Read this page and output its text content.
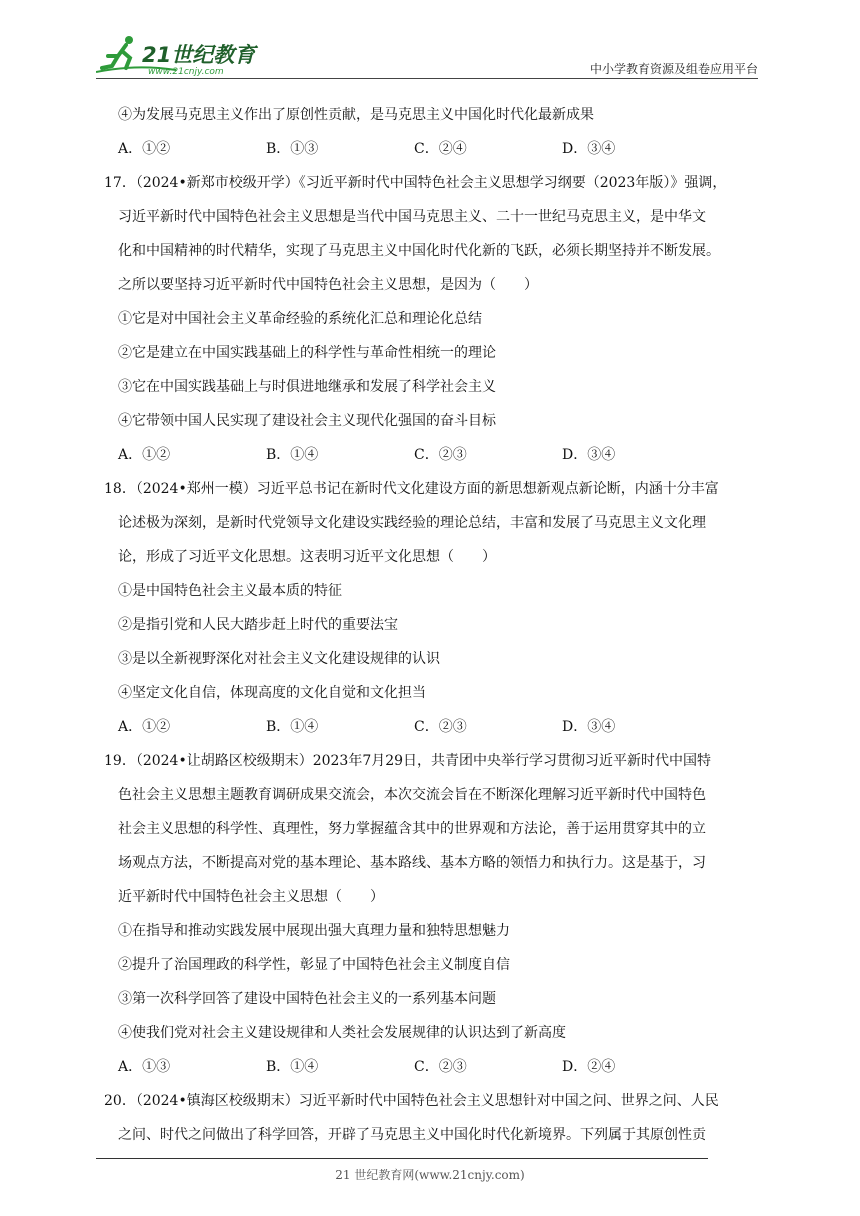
21世纪教育
www.21cnjy.com	中小学教育资源及组卷应用平台
④为发展马克思主义作出了原创性贡献，是马克思主义中国化时代化最新成果
A．①②	B．①③	C．②④	D．③④
17．（2024•新郑市校级开学）《习近平新时代中国特色社会主义思想学习纲要（2023年版）》强调，
习近平新时代中国特色社会主义思想是当代中国马克思主义、二十一世纪马克思主义，是中华文
化和中国精神的时代精华，实现了马克思主义中国化时代化新的飞跃，必须长期坚持并不断发展。
之所以要坚持习近平新时代中国特色社会主义思想，是因为（　　）
①它是对中国社会主义革命经验的系统化汇总和理论化总结
②它是建立在中国实践基础上的科学性与革命性相统一的理论
③它在中国实践基础上与时俱进地继承和发展了科学社会主义
④它带领中国人民实现了建设社会主义现代化强国的奋斗目标
A．①②	B．①④	C．②③	D．③④
18．（2024•郑州一模）习近平总书记在新时代文化建设方面的新思想新观点新论断，内涵十分丰富
论述极为深刻，是新时代党领导文化建设实践经验的理论总结，丰富和发展了马克思主义文化理
论，形成了习近平文化思想。这表明习近平文化思想（　　）
①是中国特色社会主义最本质的特征
②是指引党和人民大踏步赶上时代的重要法宝
③是以全新视野深化对社会主义文化建设规律的认识
④坚定文化自信，体现高度的文化自觉和文化担当
A．①②	B．①④	C．②③	D．③④
19．（2024•让胡路区校级期末）2023年7月29日，共青团中央举行学习贯彻习近平新时代中国特
色社会主义思想主题教育调研成果交流会，本次交流会旨在不断深化理解习近平新时代中国特色
社会主义思想的科学性、真理性，努力掌握蕴含其中的世界观和方法论，善于运用贯穿其中的立
场观点方法，不断提高对党的基本理论、基本路线、基本方略的领悟力和执行力。这是基于，习
近平新时代中国特色社会主义思想（　　）
①在指导和推动实践发展中展现出强大真理力量和独特思想魅力
②提升了治国理政的科学性，彰显了中国特色社会主义制度自信
③第一次科学回答了建设中国特色社会主义的一系列基本问题
④使我们党对社会主义建设规律和人类社会发展规律的认识达到了新高度
A．①③	B．①④	C．②③	D．②④
20．（2024•镇海区校级期末）习近平新时代中国特色社会主义思想针对中国之问、世界之问、人民
之问、时代之问做出了科学回答，开辟了马克思主义中国化时代化新境界。下列属于其原创性贡
21 世纪教育网(www.21cnjy.com)
